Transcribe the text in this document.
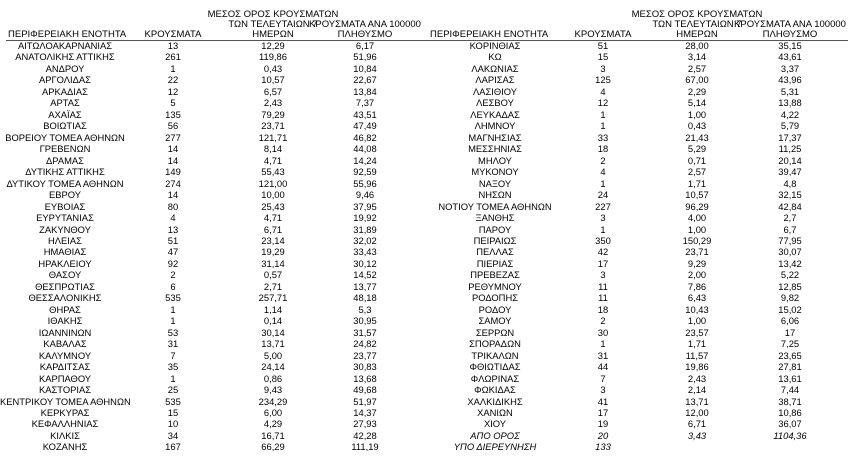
ΠΕΡΙΦΕΡΕΙΑΚΗ ΕΝΟΤΗΤΑ	ΚΡΟΥΣΜΑΤΑ
ΜΕΣΟΣ ΟΡΟΣ ΚΡΟΥΣΜΑΤΩΝ
ΤΩΝ ΤΕΛΕΥΤΑΙΩΝ 7
ΗΜΕΡΩΝ
ΚΡΟΥΣΜΑΤΑ ΑΝΑ 100000
ΠΛΗΘΥΣΜΟ
ΑΙΤΩΛΟΑΚΑΡΝΑΝΙΑΣ	13	12,29	6,17
ΑΝΑΤΟΛΙΚΗΣ ΑΤΤΙΚΗΣ	261	119,86	51,96
ΑΝΔΡΟΥ	1	0,43	10,84
ΑΡΓΟΛΙΔΑΣ	22	10,57	22,67
ΑΡΚΑΔΙΑΣ	12	6,57	13,84
ΑΡΤΑΣ	5	2,43	7,37
ΑΧΑΪΑΣ	135	79,29	43,51
ΒΟΙΩΤΙΑΣ	56	23,71	47,49
ΒΟΡΕΙΟΥ ΤΟΜΕΑ ΑΘΗΝΩΝ	277	121,71	46,82
ΓΡΕΒΕΝΩΝ	14	8,14	44,08
ΔΡΑΜΑΣ	14	4,71	14,24
ΔΥΤΙΚΗΣ ΑΤΤΙΚΗΣ	149	55,43	92,59
ΔΥΤΙΚΟΥ ΤΟΜΕΑ ΑΘΗΝΩΝ	274	121,00	55,96
ΕΒΡΟΥ	14	10,00	9,46
ΕΥΒΟΙΑΣ	80	25,43	37,95
ΕΥΡΥΤΑΝΙΑΣ	4	4,71	19,92
ΖΑΚΥΝΘΟΥ	13	6,71	31,89
ΗΛΕΙΑΣ	51	23,14	32,02
ΗΜΑΘΙΑΣ	47	19,29	33,43
ΗΡΑΚΛΕΙΟΥ	92	31,14	30,12
ΘΑΣΟΥ	2	0,57	14,52
ΘΕΣΠΡΩΤΙΑΣ	6	2,71	13,77
ΘΕΣΣΑΛΟΝΙΚΗΣ	535	257,71	48,18
ΘΗΡΑΣ	1	1,14	5,3
ΙΘΑΚΗΣ	1	0,14	30,95
ΙΩΑΝΝΙΝΩΝ	53	30,14	31,57
ΚΑΒΑΛΑΣ	31	13,71	24,82
ΚΑΛΥΜΝΟΥ	7	5,00	23,77
ΚΑΡΔΙΤΣΑΣ	35	24,14	30,83
ΚΑΡΠΑΘΟΥ	1	0,86	13,68
ΚΑΣΤΟΡΙΑΣ	25	9,43	49,68
ΚΕΝΤΡΙΚΟΥ ΤΟΜΕΑ ΑΘΗΝΩΝ	535	234,29	51,97
ΚΕΡΚΥΡΑΣ	15	6,00	14,37
ΚΕΦΑΛΛΗΝΙΑΣ	10	4,29	27,93
ΚΙΛΚΙΣ	34	16,71	42,28
ΚΟΖΑΝΗΣ	167	66,29	111,19
ΠΕΡΙΦΕΡΕΙΑΚΗ ΕΝΟΤΗΤΑ	ΚΡΟΥΣΜΑΤΑ
ΜΕΣΟΣ ΟΡΟΣ ΚΡΟΥΣΜΑΤΩΝ
ΤΩΝ ΤΕΛΕΥΤΑΙΩΝ 7
ΗΜΕΡΩΝ
ΚΡΟΥΣΜΑΤΑ ΑΝΑ 100000
ΠΛΗΘΥΣΜΟ
ΚΟΡΙΝΘΙΑΣ	51	28,00	35,15
ΚΩ	15	3,14	43,61
ΛΑΚΩΝΙΑΣ	3	2,57	3,37
ΛΑΡΙΣΑΣ	125	67,00	43,96
ΛΑΣΙΘΙΟΥ	4	2,29	5,31
ΛΕΣΒΟΥ	12	5,14	13,88
ΛΕΥΚΑΔΑΣ	1	1,00	4,22
ΛΗΜΝΟΥ	1	0,43	5,79
ΜΑΓΝΗΣΙΑΣ	33	21,43	17,37
ΜΕΣΣΗΝΙΑΣ	18	5,29	11,25
ΜΗΛΟΥ	2	0,71	20,14
ΜΥΚΟΝΟΥ	4	2,57	39,47
ΝΑΞΟΥ	1	1,71	4,8
ΝΗΣΩΝ	24	10,57	32,15
ΝΟΤΙΟΥ ΤΟΜΕΑ ΑΘΗΝΩΝ	227	96,29	42,84
ΞΑΝΘΗΣ	3	4,00	2,7
ΠΑΡΟΥ	1	1,00	6,7
ΠΕΙΡΑΙΩΣ	350	150,29	77,95
ΠΕΛΛΑΣ	42	23,71	30,07
ΠΙΕΡΙΑΣ	17	9,29	13,42
ΠΡΕΒΕΖΑΣ	3	2,00	5,22
ΡΕΘΥΜΝΟΥ	11	7,86	12,85
ΡΟΔΟΠΗΣ	11	6,43	9,82
ΡΟΔΟΥ	18	10,43	15,02
ΣΑΜΟΥ	2	1,00	6,06
ΣΕΡΡΩΝ	30	23,57	17
ΣΠΟΡΑΔΩΝ	1	1,71	7,25
ΤΡΙΚΑΛΩΝ	31	11,57	23,65
ΦΘΙΩΤΙΔΑΣ	44	19,86	27,81
ΦΛΩΡΙΝΑΣ	7	2,43	13,61
ΦΩΚΙΔΑΣ	3	2,14	7,44
ΧΑΛΚΙΔΙΚΗΣ	41	13,71	38,71
ΧΑΝΙΩΝ	17	12,00	10,86
ΧΙΟΥ	19	6,71	36,07
ΑΠΟ ΟΡΟΣ	20	3,43	1104,36
ΥΠΟ ΔΙΕΡΕΥΝΗΣΗ	133
